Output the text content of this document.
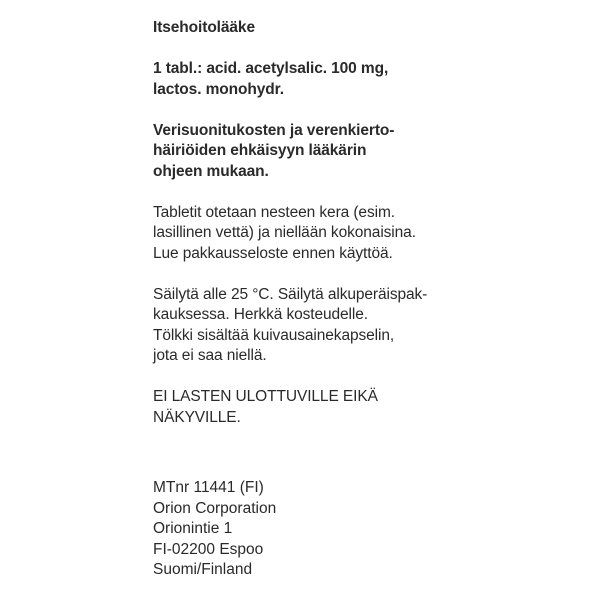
Itsehoitolääke

1 tabl.: acid. acetylsalic. 100 mg,
lactos. monohydr.

Verisuonitukosten ja verenkierto-
häiriöiden ehkäisyyn lääkärin
ohjeen mukaan.

Tabletit otetaan nesteen kera (esim.
lasillinen vettä) ja niellään kokonaisina.
Lue pakkausseloste ennen käyttöä.

Säilytä alle 25 °C. Säilytä alkuperäispak-
kauksessa. Herkkä kosteudelle.
Tölkki sisältää kuivausainekapselin,
jota ei saa niellä.

EI LASTEN ULOTTUVILLE EIKÄ
NÄKYVILLE.

MTnr 11441 (FI)

Orion Corporation

Orionintie 1

FI-02200 Espoo

Suomi/Finland
